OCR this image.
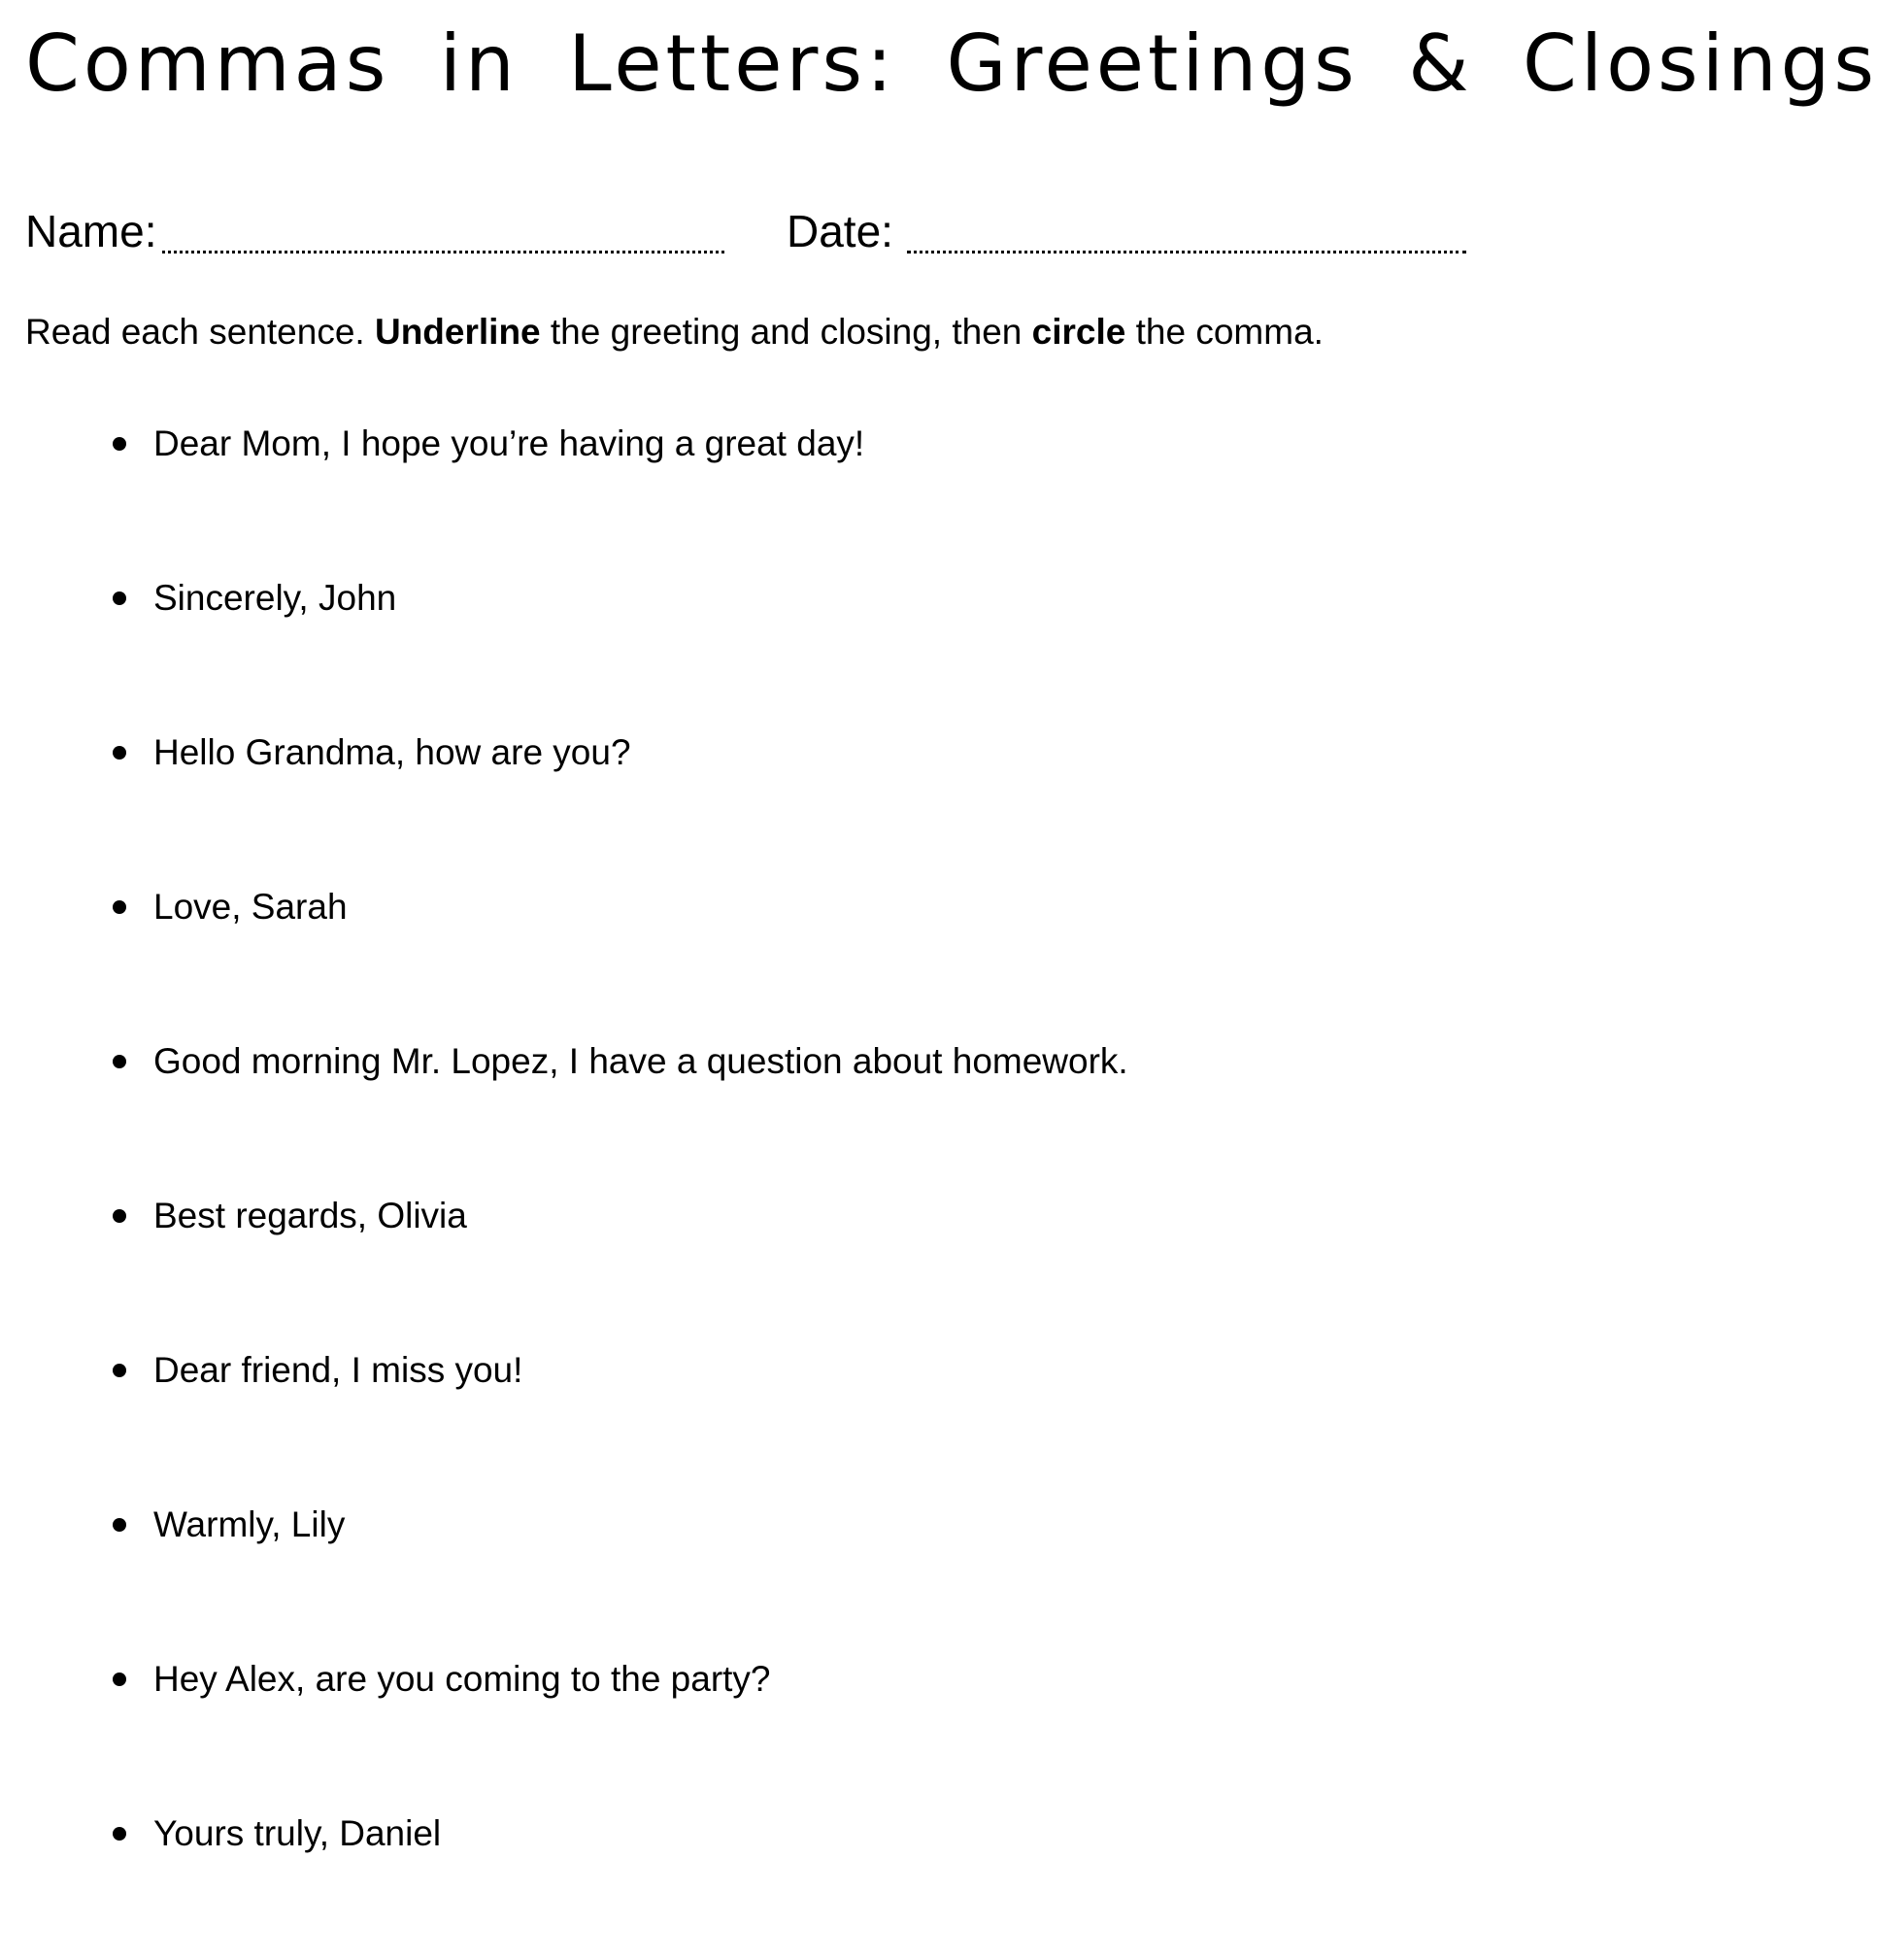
Commas in Letters: Greetings & Closings
Name:	Date:

Read each sentence. Underline the greeting and closing, then circle the comma.

Dear Mom, I hope you’re having a great day!
Sincerely, John
Hello Grandma, how are you?
Love, Sarah
Good morning Mr. Lopez, I have a question about homework.
Best regards, Olivia
Dear friend, I miss you!
Warmly, Lily
Hey Alex, are you coming to the party?
Yours truly, Daniel
